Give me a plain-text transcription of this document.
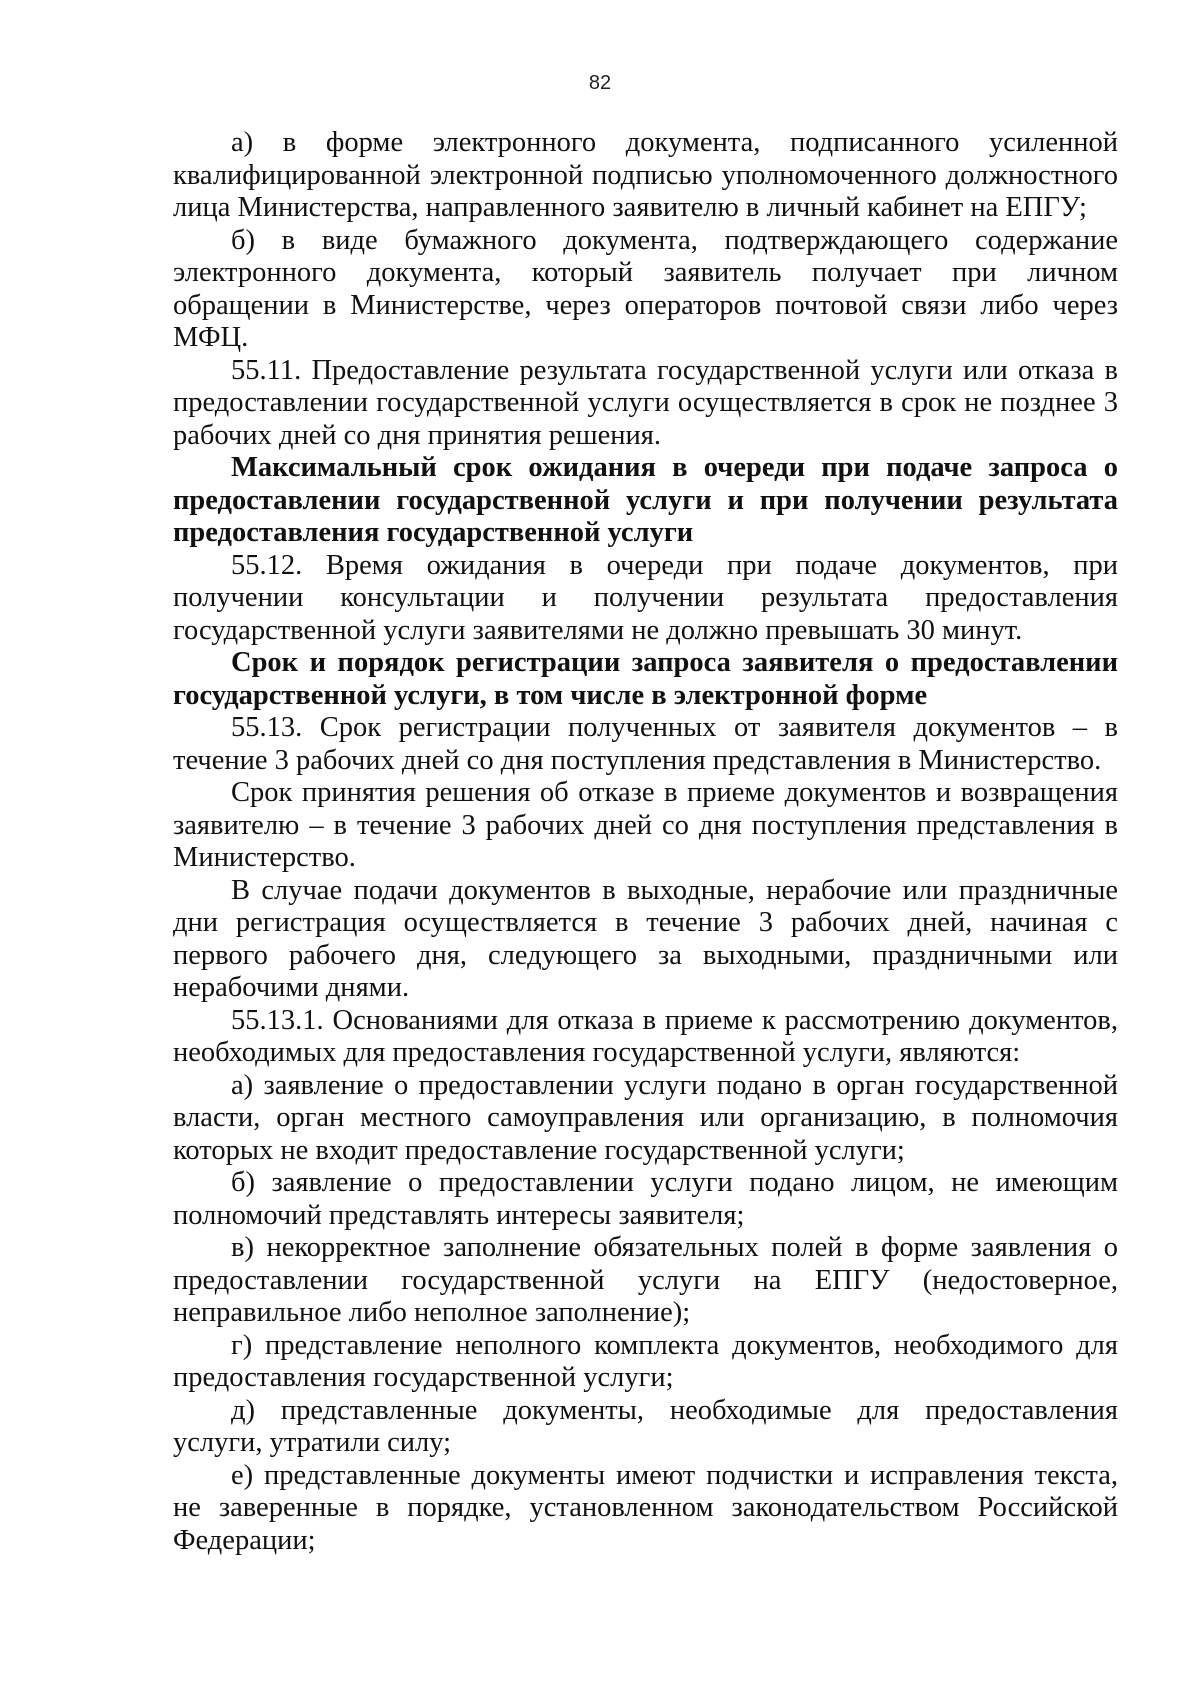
82

а) в форме электронного документа, подписанного усиленной квалифицированной электронной подписью уполномоченного должностного лица Министерства, направленного заявителю в личный кабинет на ЕПГУ;

б) в виде бумажного документа, подтверждающего содержание электронного документа, который заявитель получает при личном обращении в Министерстве, через операторов почтовой связи либо через МФЦ.

55.11. Предоставление результата государственной услуги или отказа в предоставлении государственной услуги осуществляется в срок не позднее 3 рабочих дней со дня принятия решения.

Максимальный срок ожидания в очереди при подаче запроса о предоставлении государственной услуги и при получении результата предоставления государственной услуги

55.12. Время ожидания в очереди при подаче документов, при получении консультации и получении результата предоставления государственной услуги заявителями не должно превышать 30 минут.

Срок и порядок регистрации запроса заявителя о предоставлении государственной услуги, в том числе в электронной форме

55.13. Срок регистрации полученных от заявителя документов – в течение 3 рабочих дней со дня поступления представления в Министерство.

Срок принятия решения об отказе в приеме документов и возвращения заявителю – в течение 3 рабочих дней со дня поступления представления в Министерство.

В случае подачи документов в выходные, нерабочие или праздничные дни регистрация осуществляется в течение 3 рабочих дней, начиная с первого рабочего дня, следующего за выходными, праздничными или нерабочими днями.

55.13.1. Основаниями для отказа в приеме к рассмотрению документов, необходимых для предоставления государственной услуги, являются:

а) заявление о предоставлении услуги подано в орган государственной власти, орган местного самоуправления или организацию, в полномочия которых не входит предоставление государственной услуги;

б) заявление о предоставлении услуги подано лицом, не имеющим полномочий представлять интересы заявителя;

в) некорректное заполнение обязательных полей в форме заявления о предоставлении государственной услуги на ЕПГУ (недостоверное, неправильное либо неполное заполнение);

г) представление неполного комплекта документов, необходимого для предоставления государственной услуги;

д) представленные документы, необходимые для предоставления услуги, утратили силу;

е) представленные документы имеют подчистки и исправления текста, не заверенные в порядке, установленном законодательством Российской Федерации;
